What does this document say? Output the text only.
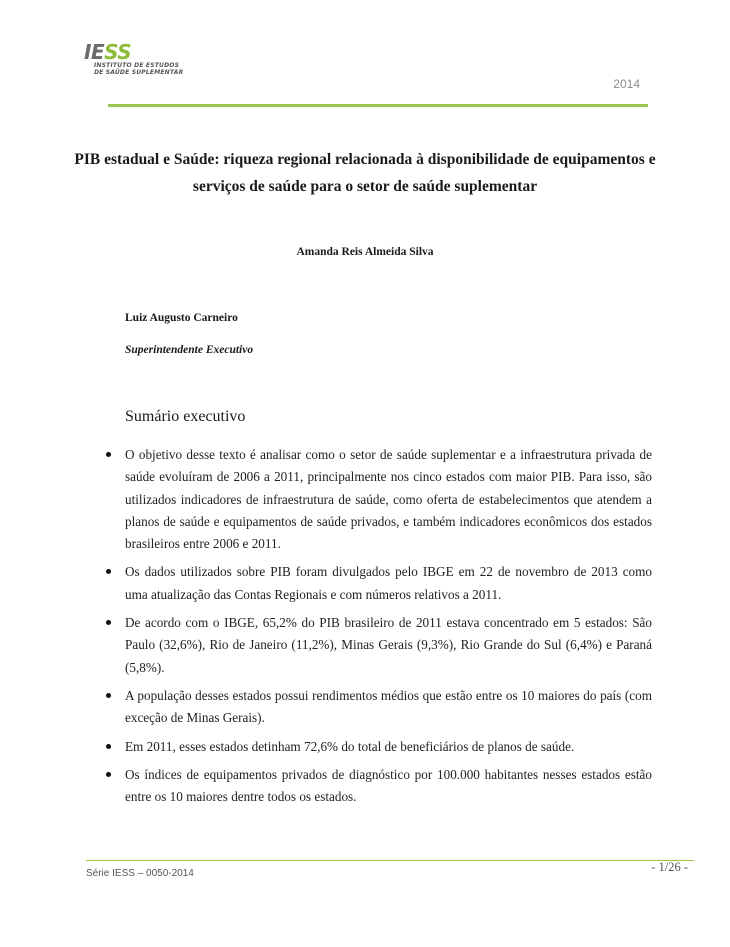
IESS
INSTITUTO DE ESTUDOS
DE SAÚDE SUPLEMENTAR
2014
PIB estadual e Saúde: riqueza regional relacionada à disponibilidade de equipamentos e serviços de saúde para o setor de saúde suplementar
Amanda Reis Almeida Silva
Luiz Augusto Carneiro
Superintendente Executivo
Sumário executivo
O objetivo desse texto é analisar como o setor de saúde suplementar e a infraestrutura privada de saúde evoluíram de 2006 a 2011, principalmente nos cinco estados com maior PIB. Para isso, são utilizados indicadores de infraestrutura de saúde, como oferta de estabelecimentos que atendem a planos de saúde e equipamentos de saúde privados, e também indicadores econômicos dos estados brasileiros entre 2006 e 2011.
Os dados utilizados sobre PIB foram divulgados pelo IBGE em 22 de novembro de 2013 como uma atualização das Contas Regionais e com números relativos a 2011.
De acordo com o IBGE, 65,2% do PIB brasileiro de 2011 estava concentrado em 5 estados: São Paulo (32,6%), Rio de Janeiro (11,2%), Minas Gerais (9,3%), Rio Grande do Sul (6,4%) e Paraná (5,8%).
A população desses estados possui rendimentos médios que estão entre os 10 maiores do país (com exceção de Minas Gerais).
Em 2011, esses estados detinham 72,6% do total de beneficiários de planos de saúde.
Os índices de equipamentos privados de diagnóstico por 100.000 habitantes nesses estados estão entre os 10 maiores dentre todos os estados.
Série IESS – 0050-2014	- 1/26 -
